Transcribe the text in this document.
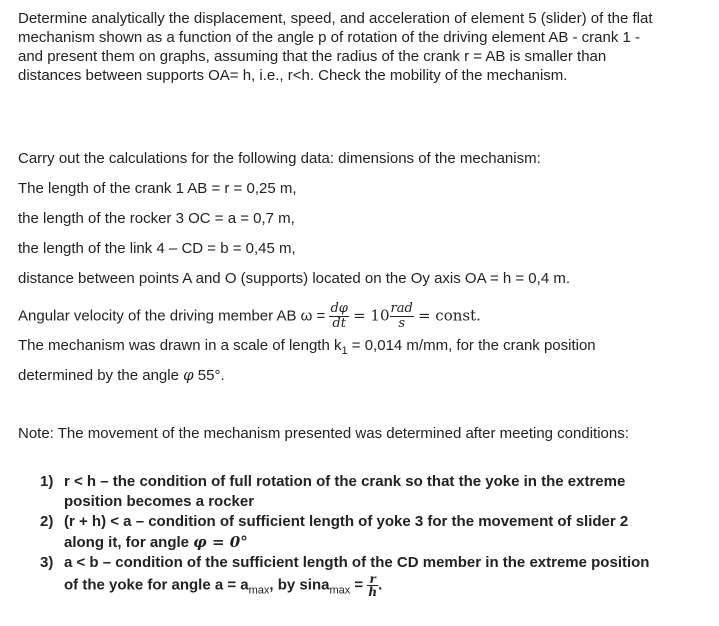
Determine analytically the displacement, speed, and acceleration of element 5 (slider) of the flat mechanism shown as a function of the angle p of rotation of the driving element AB - crank 1 - and present them on graphs, assuming that the radius of the crank r = AB is smaller than distances between supports OA= h, i.e., r<h. Check the mobility of the mechanism.
Carry out the calculations for the following data: dimensions of the mechanism:
The length of the crank 1 AB = r = 0,25 m,
the length of the rocker 3 OC = a = 0,7 m,
the length of the link 4 – CD = b = 0,45 m,
distance between points A and O (supports) located on the Oy axis OA = h = 0,4 m.
Angular velocity of the driving member AB $\omega = \frac{d\varphi}{dt} = 10 \frac{\text{rad}}{s}$ = const.
The mechanism was drawn in a scale of length $k_1 = 0,014$ m/mm, for the crank position
determined by the angle φ 55°.
Note: The movement of the mechanism presented was determined after meeting conditions:
1) r < h – the condition of full rotation of the crank so that the yoke in the extreme position becomes a rocker
2) (r + h) < a – condition of sufficient length of yoke 3 for the movement of slider 2 along it, for angle φ = 0°
3) a < b – condition of the sufficient length of the CD member in the extreme position of the yoke for angle $a = a_{max}$, by $\sin a_{max} = \frac{r}{h}$ .
